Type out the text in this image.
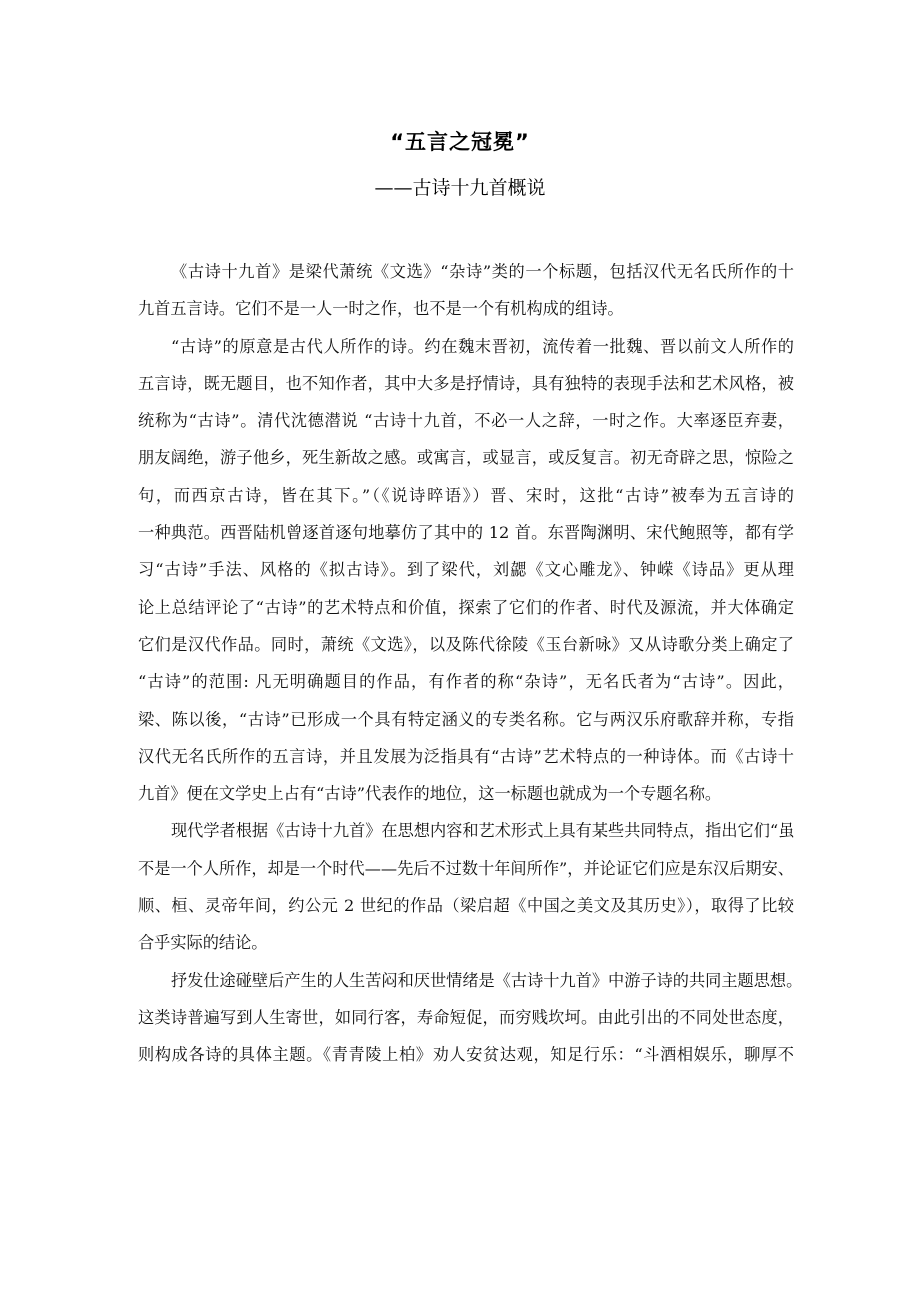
“五言之冠冕”
——古诗十九首概说
《古诗十九首》是梁代萧统《文选》“杂诗”类的一个标题，包括汉代无名氏所作的十
九首五言诗。它们不是一人一时之作，也不是一个有机构成的组诗。
“古诗”的原意是古代人所作的诗。约在魏末晋初，流传着一批魏、晋以前文人所作的
五言诗，既无题目，也不知作者，其中大多是抒情诗，具有独特的表现手法和艺术风格，被
统称为“古诗”。清代沈德潜说 “古诗十九首，不必一人之辞，一时之作。大率逐臣弃妻，
朋友阔绝，游子他乡，死生新故之感。或寓言，或显言，或反复言。初无奇辟之思，惊险之
句，而西京古诗，皆在其下。”（《说诗晬语》）晋、宋时，这批“古诗”被奉为五言诗的
一种典范。西晋陆机曾逐首逐句地摹仿了其中的 12 首。东晋陶渊明、宋代鲍照等，都有学
习“古诗”手法、风格的《拟古诗》。到了梁代，刘勰《文心雕龙》、钟嵘《诗品》更从理
论上总结评论了“古诗”的艺术特点和价值，探索了它们的作者、时代及源流，并大体确定
它们是汉代作品。同时，萧统《文选》，以及陈代徐陵《玉台新咏》又从诗歌分类上确定了
“古诗”的范围: 凡无明确题目的作品，有作者的称“杂诗”，无名氏者为“古诗”。因此，
梁、陈以後，“古诗”已形成一个具有特定涵义的专类名称。它与两汉乐府歌辞并称，专指
汉代无名氏所作的五言诗，并且发展为泛指具有“古诗”艺术特点的一种诗体。而《古诗十
九首》便在文学史上占有“古诗”代表作的地位，这一标题也就成为一个专题名称。
现代学者根据《古诗十九首》在思想内容和艺术形式上具有某些共同特点，指出它们“虽
不是一个人所作，却是一个时代——先后不过数十年间所作”，并论证它们应是东汉后期安、
顺、桓、灵帝年间，约公元 2 世纪的作品（梁启超《中国之美文及其历史》），取得了比较
合乎实际的结论。
抒发仕途碰壁后产生的人生苦闷和厌世情绪是《古诗十九首》中游子诗的共同主题思想。
这类诗普遍写到人生寄世，如同行客，寿命短促，而穷贱坎坷。由此引出的不同处世态度，
则构成各诗的具体主题。《青青陵上柏》劝人安贫达观，知足行乐：“斗酒相娱乐，聊厚不
